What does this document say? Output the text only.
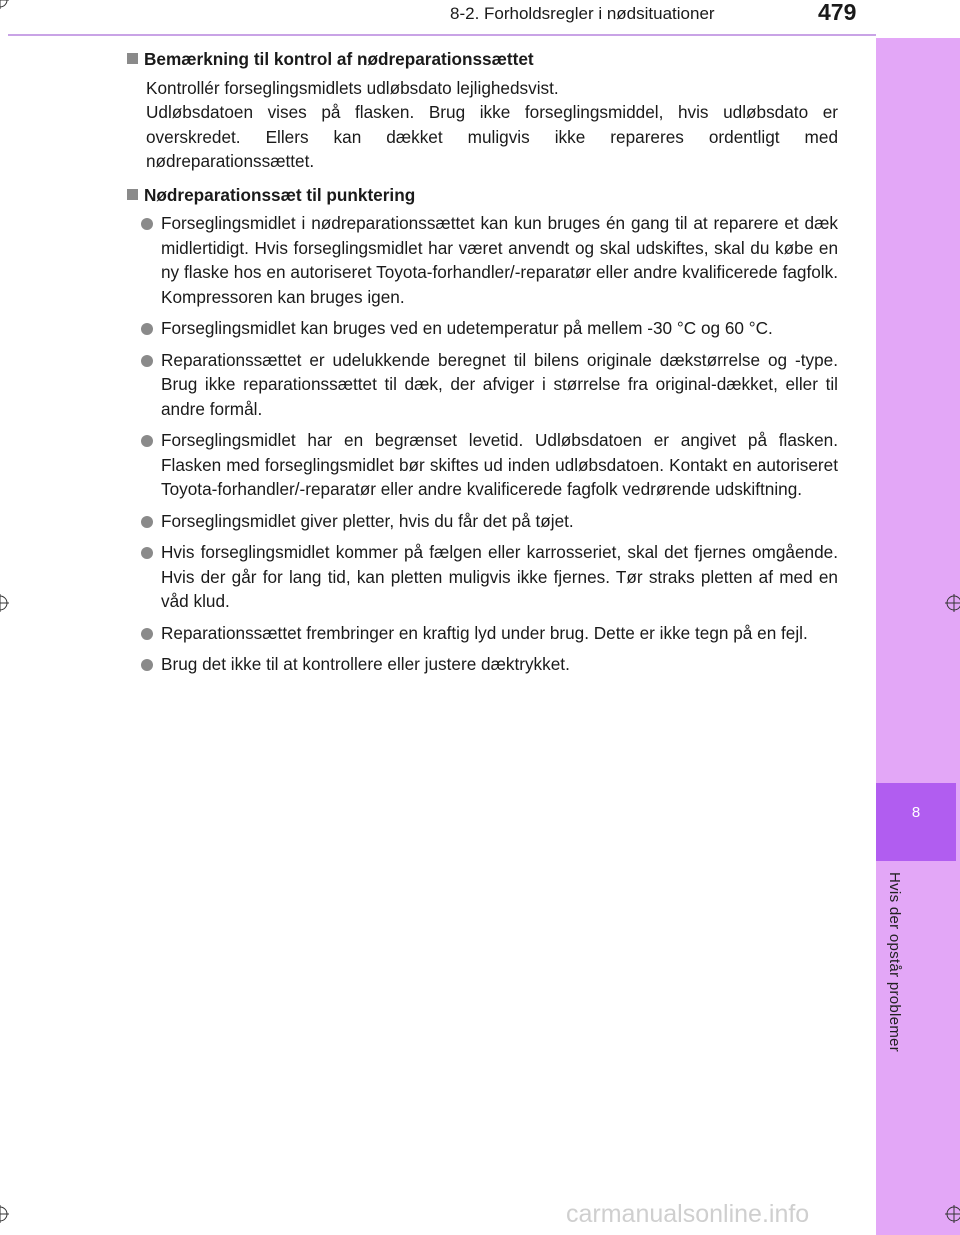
8-2. Forholdsregler i nødsituationer	479
8
Hvis der opstår problemer

Bemærkning til kontrol af nødreparationssættet

Kontrollér forseglingsmidlets udløbsdato lejlighedsvist.

Udløbsdatoen vises på flasken. Brug ikke forseglingsmiddel, hvis udløbsdato er overskredet. Ellers kan dækket muligvis ikke repareres ordentligt med nødreparationssættet.

Nødreparationssæt til punktering

Forseglingsmidlet i nødreparationssættet kan kun bruges én gang til at reparere et dæk midlertidigt. Hvis forseglingsmidlet har været anvendt og skal udskiftes, skal du købe en ny flaske hos en autoriseret Toyota-forhandler/-reparatør eller andre kvalificerede fagfolk. Kompressoren kan bruges igen.
Forseglingsmidlet kan bruges ved en udetemperatur på mellem -30 °C og 60 °C.
Reparationssættet er udelukkende beregnet til bilens originale dækstørrelse og -type. Brug ikke reparationssættet til dæk, der afviger i størrelse fra original-dækket, eller til andre formål.
Forseglingsmidlet har en begrænset levetid. Udløbsdatoen er angivet på flasken. Flasken med forseglingsmidlet bør skiftes ud inden udløbsdatoen. Kontakt en autoriseret Toyota-forhandler/-reparatør eller andre kvalificerede fagfolk vedrørende udskiftning.
Forseglingsmidlet giver pletter, hvis du får det på tøjet.
Hvis forseglingsmidlet kommer på fælgen eller karrosseriet, skal det fjernes omgående. Hvis der går for lang tid, kan pletten muligvis ikke fjernes. Tør straks pletten af med en våd klud.
Reparationssættet frembringer en kraftig lyd under brug. Dette er ikke tegn på en fejl.
Brug det ikke til at kontrollere eller justere dæktrykket.
carmanualsonline.info
